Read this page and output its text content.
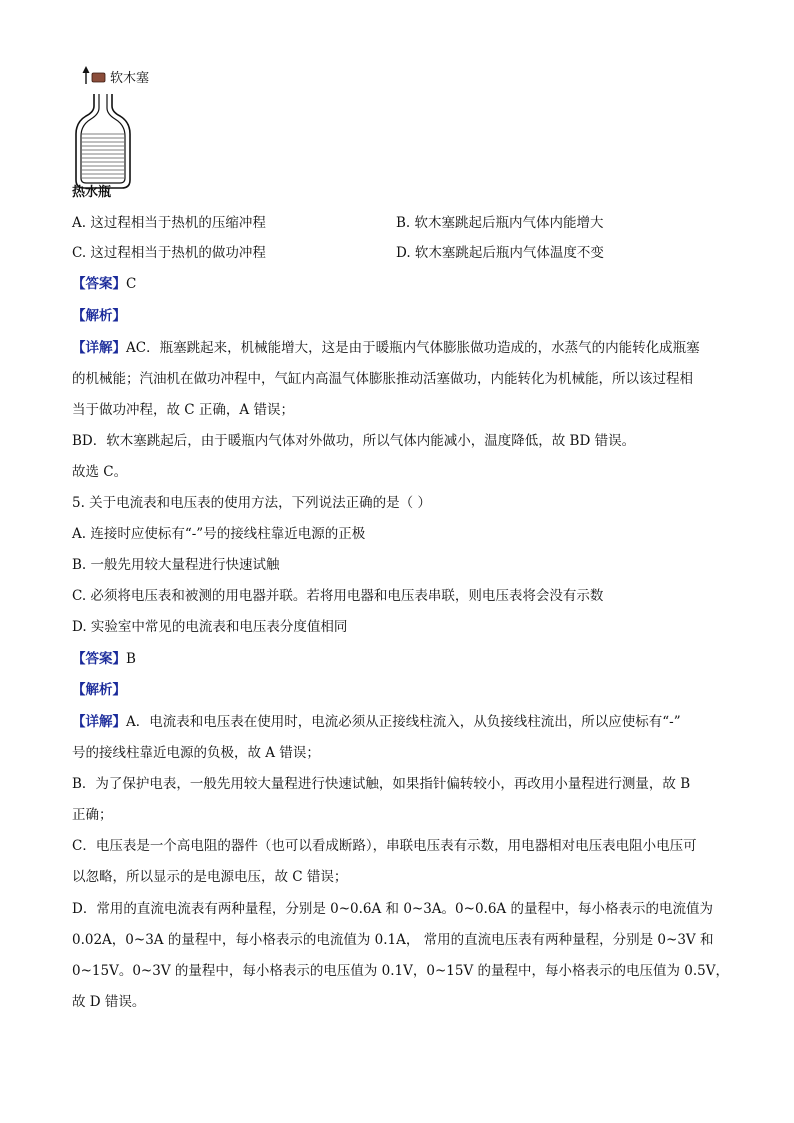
软木塞
热水瓶
A. 这过程相当于热机的压缩冲程	B. 软木塞跳起后瓶内气体内能增大
C. 这过程相当于热机的做功冲程	D. 软木塞跳起后瓶内气体温度不变
【答案】C
【解析】
【详解】AC．瓶塞跳起来，机械能增大，这是由于暖瓶内气体膨胀做功造成的，水蒸气的内能转化成瓶塞
的机械能；汽油机在做功冲程中，气缸内高温气体膨胀推动活塞做功，内能转化为机械能，所以该过程相
当于做功冲程，故 C 正确，A 错误；
BD．软木塞跳起后，由于暖瓶内气体对外做功，所以气体内能减小，温度降低，故 BD 错误。
故选 C。
5. 关于电流表和电压表的使用方法，下列说法正确的是（ ）
A. 连接时应使标有“-”号的接线柱靠近电源的正极
B. 一般先用较大量程进行快速试触
C. 必须将电压表和被测的用电器并联。若将用电器和电压表串联，则电压表将会没有示数
D. 实验室中常见的电流表和电压表分度值相同
【答案】B
【解析】
【详解】A．电流表和电压表在使用时，电流必须从正接线柱流入，从负接线柱流出，所以应使标有“-”
号的接线柱靠近电源的负极，故 A 错误；
B．为了保护电表，一般先用较大量程进行快速试触，如果指针偏转较小，再改用小量程进行测量，故 B
正确；
C．电压表是一个高电阻的器件（也可以看成断路），串联电压表有示数，用电器相对电压表电阻小电压可
以忽略，所以显示的是电源电压，故 C 错误；
D．常用的直流电流表有两种量程，分别是 0~0.6A 和 0~3A。0~0.6A 的量程中，每小格表示的电流值为
0.02A，0~3A 的量程中，每小格表示的电流值为 0.1A， 常用的直流电压表有两种量程，分别是 0~3V 和
0~15V。0~3V 的量程中，每小格表示的电压值为 0.1V，0~15V 的量程中，每小格表示的电压值为 0.5V，
故 D 错误。
